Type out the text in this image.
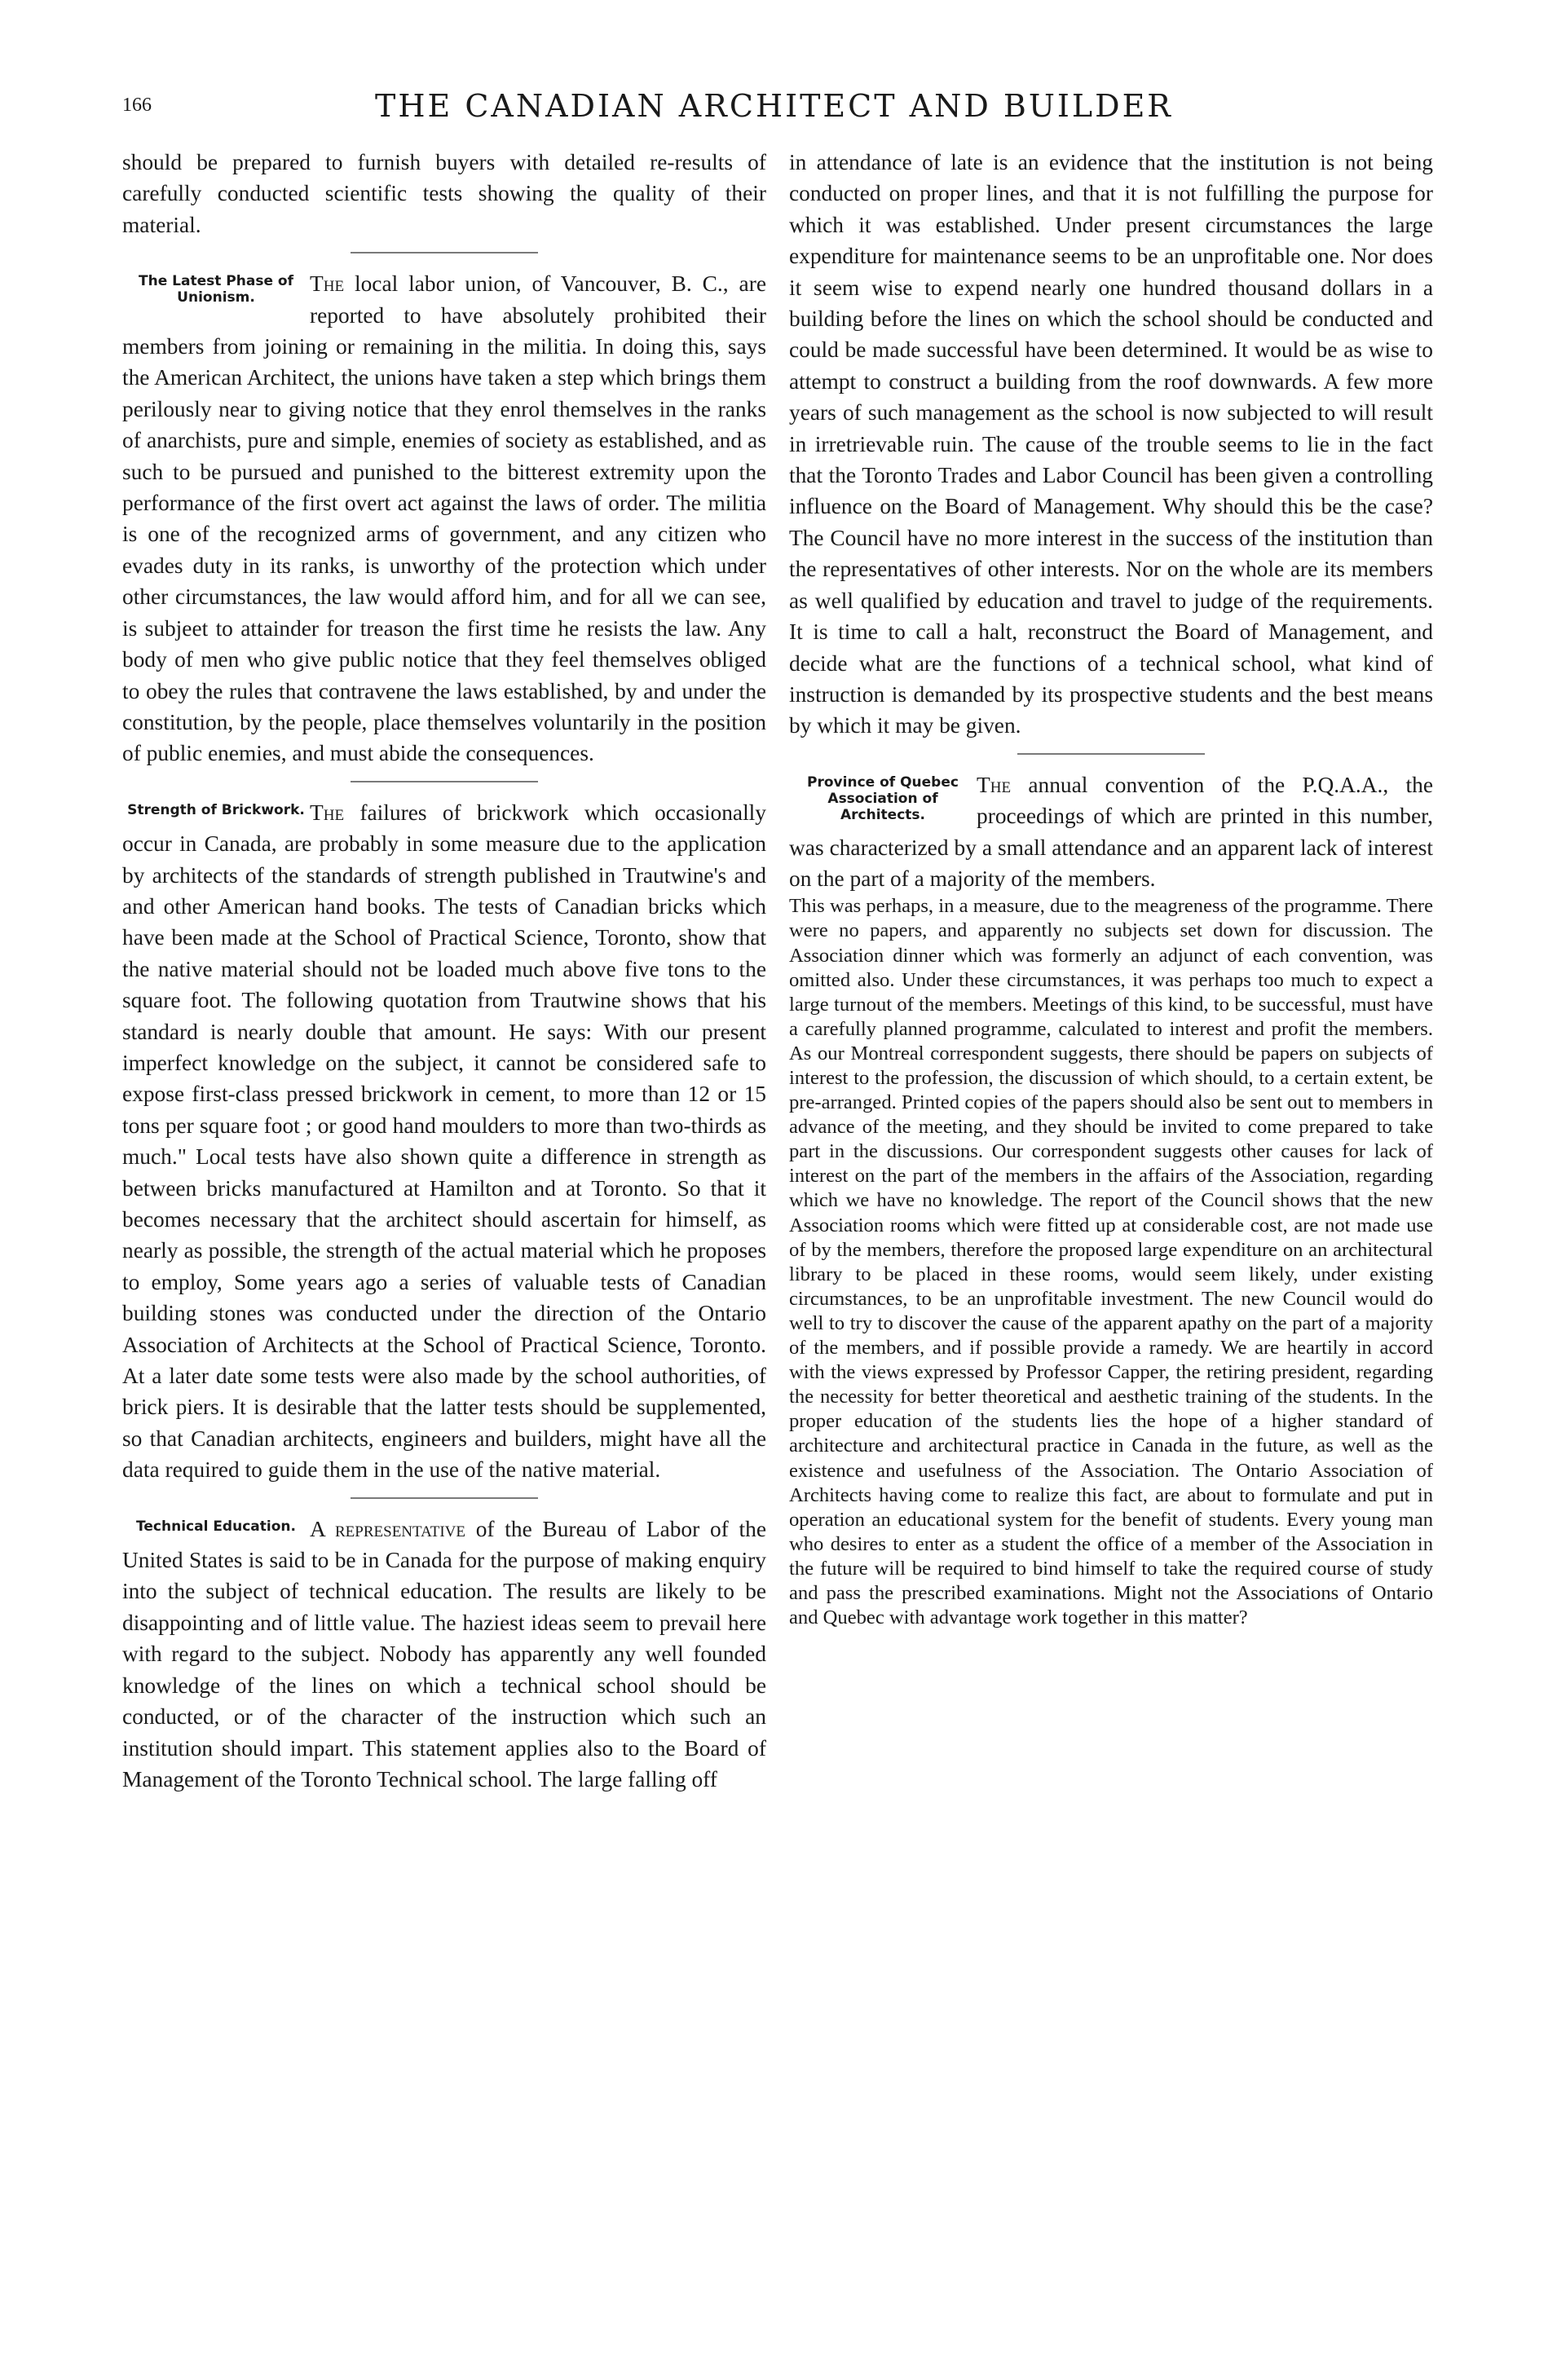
166	THE CANADIAN ARCHITECT AND BUILDER

should be prepared to furnish buyers with detailed re-results of carefully conducted scientific tests showing the quality of their material.

The Latest Phase of Unionism.
The local labor union, of Vancouver, B. C., are reported to have absolutely prohibited their members from joining or remaining in the militia. In doing this, says the American Architect, the unions have taken a step which brings them perilously near to giving notice that they enrol themselves in the ranks of anarchists, pure and simple, enemies of society as established, and as such to be pursued and punished to the bitterest extremity upon the performance of the first overt act against the laws of order. The militia is one of the recognized arms of government, and any citizen who evades duty in its ranks, is unworthy of the protection which under other circumstances, the law would afford him, and for all we can see, is subjeet to attainder for treason the first time he resists the law. Any body of men who give public notice that they feel themselves obliged to obey the rules that contravene the laws established, by and under the constitution, by the people, place themselves voluntarily in the position of public enemies, and must abide the consequences.

Strength of Brickwork. The failures of brickwork which occasionally occur in Canada, are probably in some measure due to the application by architects of the standards of strength published in Trautwine's and and other American hand books. The tests of Canadian bricks which have been made at the School of Practical Science, Toronto, show that the native material should not be loaded much above five tons to the square foot. The following quotation from Trautwine shows that his standard is nearly double that amount. He says: With our present imperfect knowledge on the subject, it cannot be considered safe to expose first-class pressed brickwork in cement, to more than 12 or 15 tons per square foot ; or good hand moulders to more than two-thirds as much." Local tests have also shown quite a difference in strength as between bricks manufactured at Hamilton and at Toronto. So that it becomes necessary that the architect should ascertain for himself, as nearly as possible, the strength of the actual material which he proposes to employ, Some years ago a series of valuable tests of Canadian building stones was conducted under the direction of the Ontario Association of Architects at the School of Practical Science, Toronto. At a later date some tests were also made by the school authorities, of brick piers. It is desirable that the latter tests should be supplemented, so that Canadian architects, engineers and builders, might have all the data required to guide them in the use of the native material.

Technical Education. A representative of the Bureau of Labor of the United States is said to be in Canada for the purpose of making enquiry into the subject of technical education. The results are likely to be disappointing and of little value. The haziest ideas seem to prevail here with regard to the subject. Nobody has apparently any well founded knowledge of the lines on which a technical school should be conducted, or of the character of the instruction which such an institution should impart. This statement applies also to the Board of Management of the Toronto Technical school. The large falling off

in attendance of late is an evidence that the institution is not being conducted on proper lines, and that it is not fulfilling the purpose for which it was established. Under present circumstances the large expenditure for maintenance seems to be an unprofitable one. Nor does it seem wise to expend nearly one hundred thousand dollars in a building before the lines on which the school should be conducted and could be made successful have been determined. It would be as wise to attempt to construct a building from the roof downwards. A few more years of such management as the school is now subjected to will result in irretrievable ruin. The cause of the trouble seems to lie in the fact that the Toronto Trades and Labor Council has been given a controlling influence on the Board of Management. Why should this be the case? The Council have no more interest in the success of the institution than the representatives of other interests. Nor on the whole are its members as well qualified by education and travel to judge of the requirements. It is time to call a halt, reconstruct the Board of Management, and decide what are the functions of a technical school, what kind of instruction is demanded by its prospective students and the best means by which it may be given.

Province of Quebec Association of Architects.
The annual convention of the P.Q.A.A., the proceedings of which are printed in this number, was characterized by a small attendance and an apparent lack of interest on the part of a majority of the members.

This was perhaps, in a measure, due to the meagreness of the programme. There were no papers, and apparently no subjects set down for discussion. The Association dinner which was formerly an adjunct of each convention, was omitted also. Under these circumstances, it was perhaps too much to expect a large turnout of the members. Meetings of this kind, to be successful, must have a carefully planned programme, calculated to interest and profit the members. As our Montreal correspondent suggests, there should be papers on subjects of interest to the profession, the discussion of which should, to a certain extent, be pre-arranged. Printed copies of the papers should also be sent out to members in advance of the meeting, and they should be invited to come prepared to take part in the discussions. Our correspondent suggests other causes for lack of interest on the part of the members in the affairs of the Association, regarding which we have no knowledge. The report of the Council shows that the new Association rooms which were fitted up at considerable cost, are not made use of by the members, therefore the proposed large expenditure on an architectural library to be placed in these rooms, would seem likely, under existing circumstances, to be an unprofitable investment. The new Council would do well to try to discover the cause of the apparent apathy on the part of a majority of the members, and if possible provide a ramedy. We are heartily in accord with the views expressed by Professor Capper, the retiring president, regarding the necessity for better theoretical and aesthetic training of the students. In the proper education of the students lies the hope of a higher standard of architecture and architectural practice in Canada in the future, as well as the existence and usefulness of the Association. The Ontario Association of Architects having come to realize this fact, are about to formulate and put in operation an educational system for the benefit of students. Every young man who desires to enter as a student the office of a member of the Association in the future will be required to bind himself to take the required course of study and pass the prescribed examinations. Might not the Associations of Ontario and Quebec with advantage work together in this matter?
